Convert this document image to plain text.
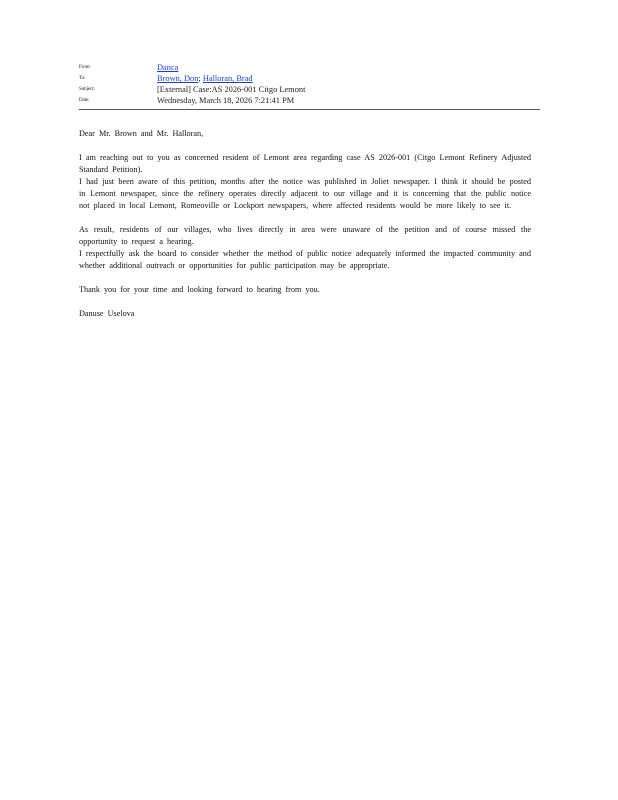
From:	Danca
To:	Brown, Don; Halloran, Brad
Subject:	[External] Case:AS 2026-001 Citgo Lemont
Date:	Wednesday, March 18, 2026 7:21:41 PM

Dear Mr. Brown and Mr. Halloran,

I am reaching out to you as concerned resident of Lemont area regarding case AS 2026-001 (Citgo Lemont Refinery Adjusted Standard Petition).

I had just been aware of this petition, months after the notice was published in Joliet newspaper. I think it should be posted in Lemont newspaper, since the refinery operates directly adjacent to our village and it is concerning that the public notice not placed in local Lemont, Romeoville or Lockport newspapers, where affected residents would be more likely to see it.

As result, residents of our villages, who lives directly in area were unaware of the petition and of course missed the opportunity to request a hearing.

I respectfully ask the board to consider whether the method of public notice adequately informed the impacted community and whether additional outreach or opportunities for public participation may be appropriate.

Thank you for your time and looking forward to hearing from you.

Danuse Uselova
